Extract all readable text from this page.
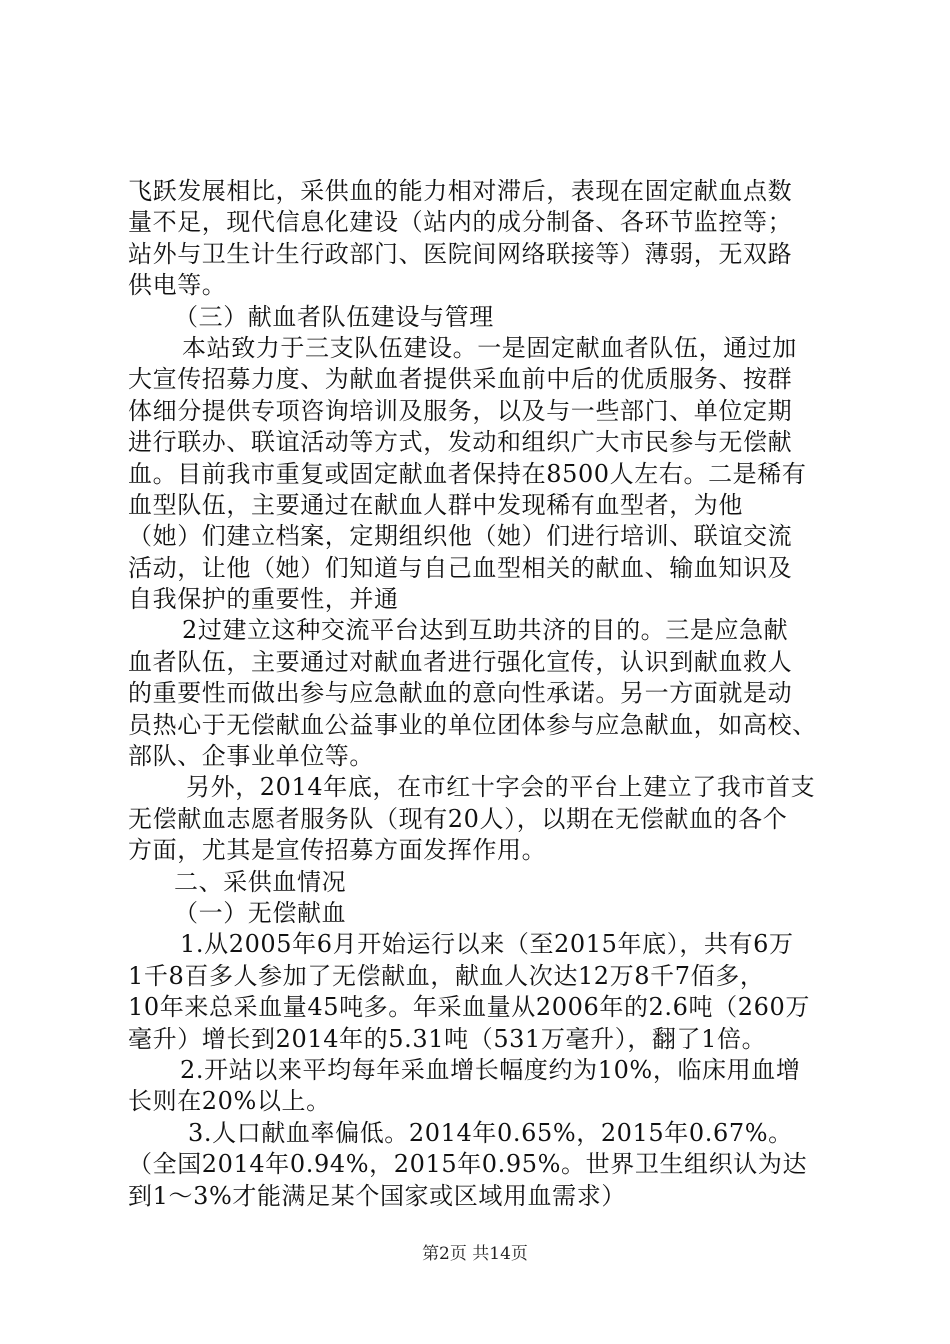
飞跃发展相比，采供血的能力相对滞后，表现在固定献血点数
量不足，现代信息化建设（站内的成分制备、各环节监控等；
站外与卫生计生行政部门、医院间网络联接等）薄弱，无双路
供电等。
（三）献血者队伍建设与管理
本站致力于三支队伍建设。一是固定献血者队伍，通过加
大宣传招募力度、为献血者提供采血前中后的优质服务、按群
体细分提供专项咨询培训及服务，以及与一些部门、单位定期
进行联办、联谊活动等方式，发动和组织广大市民参与无偿献
血。目前我市重复或固定献血者保持在8500人左右。二是稀有
血型队伍，主要通过在献血人群中发现稀有血型者，为他
（她）们建立档案，定期组织他（她）们进行培训、联谊交流
活动，让他（她）们知道与自己血型相关的献血、输血知识及
自我保护的重要性，并通
2过建立这种交流平台达到互助共济的目的。三是应急献
血者队伍，主要通过对献血者进行强化宣传，认识到献血救人
的重要性而做出参与应急献血的意向性承诺。另一方面就是动
员热心于无偿献血公益事业的单位团体参与应急献血，如高校、
部队、企事业单位等。
另外，2014年底，在市红十字会的平台上建立了我市首支
无偿献血志愿者服务队（现有20人），以期在无偿献血的各个
方面，尤其是宣传招募方面发挥作用。
二、采供血情况
（一）无偿献血
1.从2005年6月开始运行以来（至2015年底），共有6万
1千8百多人参加了无偿献血，献血人次达12万8千7佰多，
10年来总采血量45吨多。年采血量从2006年的2.6吨（260万
毫升）增长到2014年的5.31吨（531万毫升），翻了1倍。
2.开站以来平均每年采血增长幅度约为10%，临床用血增
长则在20%以上。
3.人口献血率偏低。2014年0.65%，2015年0.67%。
（全国2014年0.94%，2015年0.95%。世界卫生组织认为达
到1～3%才能满足某个国家或区域用血需求）
第2页 共14页
